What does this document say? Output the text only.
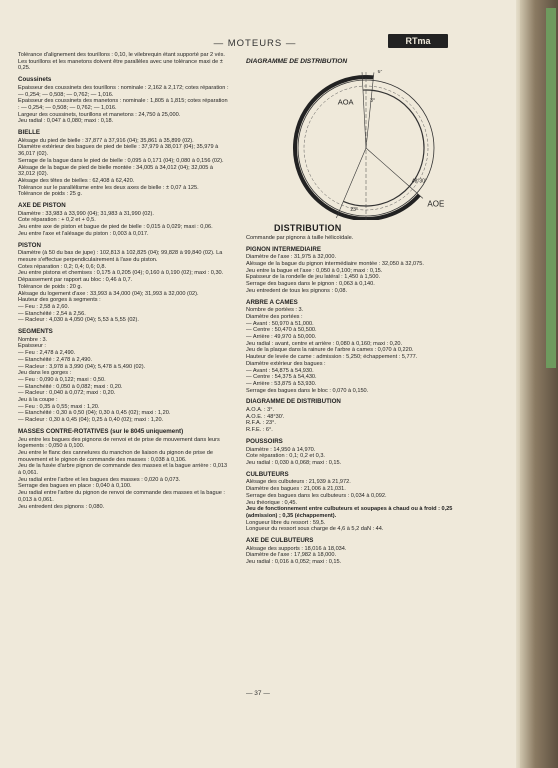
— MOTEURS —	RTma

Tolérance d'alignement des tourillons : 0,10, le vilebrequin étant supporté par 2 vés.
Les tourillons et les manetons doivent être parallèles avec une tolérance maxi de ± 0,25.

Coussinets

Epaisseur des coussinets des tourillons : nominale : 2,162 à 2,172; cotes réparation : — 0,254; — 0,508; — 0,762; — 1,016.
Epaisseur des coussinets des manetons : nominale : 1,805 à 1,815; cotes réparation : — 0,254; — 0,508; — 0,762; — 1,016.
Largeur des coussinets, tourillons et manetons : 24,750 à 25,000.
Jeu radial : 0,047 à 0,080; maxi : 0,18.

BIELLE

Alésage du pied de bielle : 37,877 à 37,916 (04); 35,861 à 35,899 (02).
Diamètre extérieur des bagues de pied de bielle : 37,979 à 38,017 (04); 35,979 à 36,017 (02).
Serrage de la bague dans le pied de bielle : 0,095 à 0,171 (04); 0,080 à 0,156 (02).
Alésage de la bague de pied de bielle montée : 34,005 à 34,012 (04); 32,005 à 32,012 (02).
Alésage des têtes de bielles : 62,408 à 62,420.
Tolérance sur le parallélisme entre les deux axes de bielle : ± 0,07 à 125.
Tolérance de poids : 25 g.

AXE DE PISTON

Diamètre : 33,983 à 33,990 (04); 31,983 à 31,990 (02).
Cote réparation : + 0,2 et + 0,5.
Jeu entre axe de piston et bague de pied de bielle : 0,015 à 0,029; maxi : 0,06.
Jeu entre l'axe et l'alésage du piston : 0,003 à 0,017.

PISTON

Diamètre (à 50 du bas de jupe) : 102,813 à 102,825 (04); 99,828 à 99,840 (02). La mesure s'effectue perpendiculairement à l'axe du piston.
Cotes réparation : 0,2; 0,4; 0,6; 0,8.
Jeu entre pistons et chemises : 0,175 à 0,205 (04); 0,160 à 0,190 (02); maxi : 0,30.
Dépassement par rapport au bloc : 0,46 à 0,7.
Tolérance de poids : 20 g.
Alésage du logement d'axe : 33,993 à 34,000 (04); 31,993 à 32,000 (02).
Hauteur des gorges à segments :
— Feu : 2,58 à 2,60.
— Etanchéité : 2,54 à 2,56.
— Racleur : 4,030 à 4,050 (04); 5,53 à 5,55 (02).

SEGMENTS

Nombre : 3.
Epaisseur :
— Feu : 2,478 à 2,490.
— Etanchéité : 2,478 à 2,490.
— Racleur : 3,978 à 3,990 (04); 5,478 à 5,490 (02).
Jeu dans les gorges :
— Feu : 0,090 à 0,122; maxi : 0,50.
— Etanchéité : 0,050 à 0,082; maxi : 0,20.
— Racleur : 0,040 à 0,072; maxi : 0,20.
Jeu à la coupe :
— Feu : 0,35 à 0,55; maxi : 1,20.
— Etanchéité : 0,30 à 0,50 (04); 0,30 à 0,45 (02); maxi : 1,20.
— Racleur : 0,30 à 0,45 (04); 0,25 à 0,40 (02); maxi : 1,20.

MASSES CONTRE-ROTATIVES (sur le 8045 uniquement)

Jeu entre les bagues des pignons de renvoi et de prise de mouvement dans leurs logements : 0,050 à 0,100.
Jeu entre le flanc des cannelures du manchon de liaison du pignon de prise de mouvement et le pignon de commande des masses : 0,038 à 0,106.
Jeu de la fusée d'arbre pignon de commande des masses et la bague arrière : 0,013 à 0,061.
Jeu radial entre l'arbre et les bagues des masses : 0,020 à 0,073.
Serrage des bagues en place : 0,040 à 0,100.
Jeu radial entre l'arbre du pignon de renvoi de commande des masses et la bague : 0,013 à 0,061.
Jeu entredent des pignons : 0,080.

DIAGRAMME DE DISTRIBUTION
6°
AOA	3°
AOE
48°30'
23°
DISTRIBUTION

Commande par pignons à taille hélicoïdale.

PIGNON INTERMEDIAIRE

Diamètre de l'axe : 31,975 à 32,000.
Alésage de la bague du pignon intermédiaire montée : 32,050 à 32,075.
Jeu entre la bague et l'axe : 0,050 à 0,100; maxi : 0,15.
Epaisseur de la rondelle de jeu latéral : 1,450 à 1,500.
Serrage des bagues dans le pignon : 0,063 à 0,140.
Jeu entredent de tous les pignons : 0,08.

ARBRE A CAMES

Nombre de portées : 3.
Diamètre des portées :
— Avant : 50,970 à 51,000.
— Centre : 50,470 à 50,500.
— Arrière : 49,970 à 50,000.
Jeu radial : avant, centre et arrière : 0,080 à 0,160; maxi : 0,20.
Jeu de la plaque dans la rainure de l'arbre à cames : 0,070 à 0,220.
Hauteur de levée de came : admission : 5,250; échappement : 5,777.
Diamètre extérieur des bagues :
— Avant : 54,875 à 54,930.
— Centre : 54,375 à 54,430.
— Arrière : 53,875 à 53,930.
Serrage des bagues dans le bloc : 0,070 à 0,150.

DIAGRAMME DE DISTRIBUTION

A.O.A. : 3°.
A.O.E. : 48°30'.
R.F.A. : 23°.
R.F.E. : 6°.

POUSSOIRS

Diamètre : 14,950 à 14,970.
Cote réparation : 0,1; 0,2 et 0,3.
Jeu radial : 0,030 à 0,068; maxi : 0,15.

CULBUTEURS

Alésage des culbuteurs : 21,939 à 21,972.
Diamètre des bagues : 21,006 à 21,031.
Serrage des bagues dans les culbuteurs : 0,034 à 0,092.
Jeu théorique : 0,45.

Jeu de fonctionnement entre culbuteurs et soupapes à chaud ou à froid : 0,25 (admission) ; 0,35 (échappement).

Longueur libre du ressort : 59,5.
Longueur du ressort sous charge de 4,6 à 5,2 daN : 44.

AXE DE CULBUTEURS

Alésage des supports : 18,016 à 18,034.
Diamètre de l'axe : 17,982 à 18,000.
Jeu radial : 0,016 à 0,052; maxi : 0,15.

— 37 —
